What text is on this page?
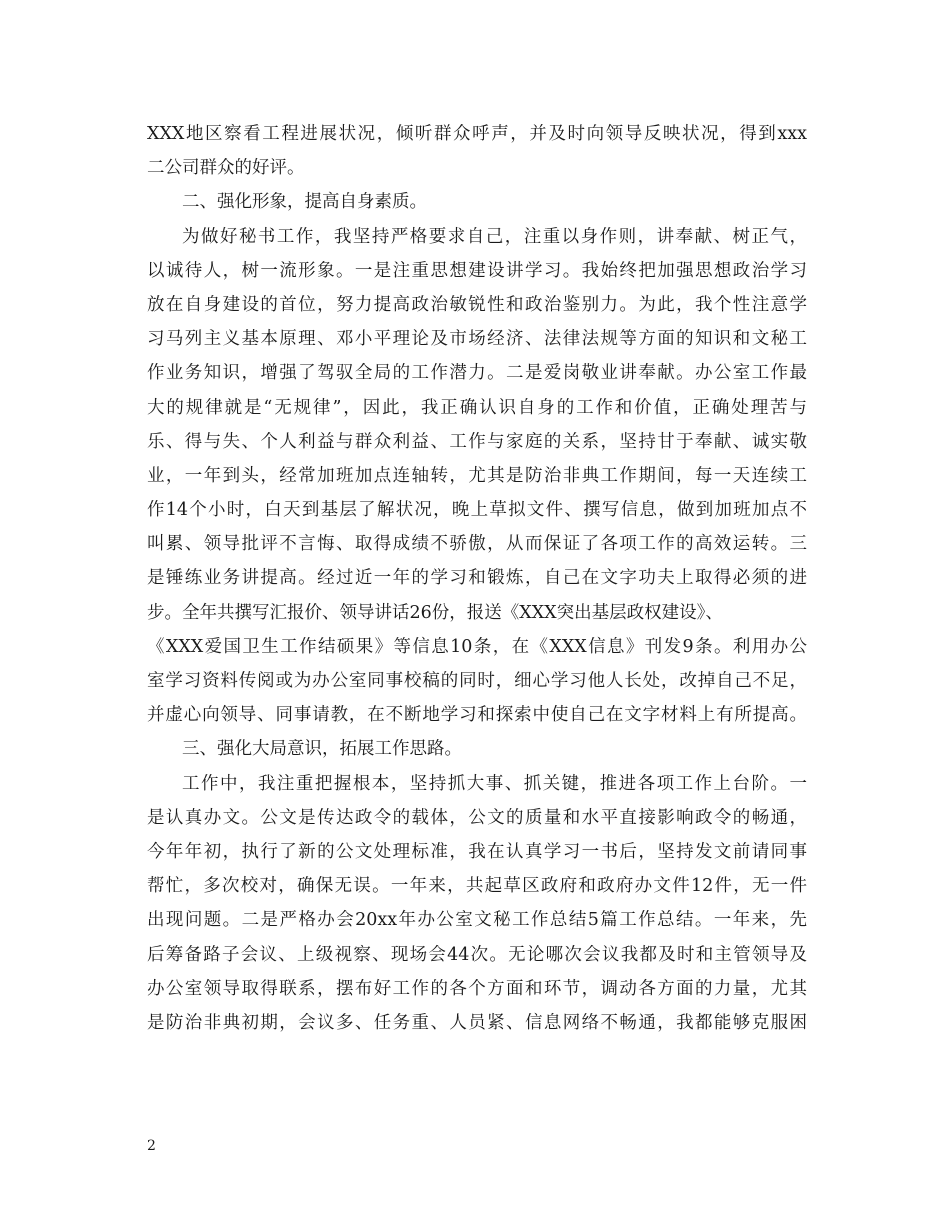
XXX地区察看工程进展状况，倾听群众呼声，并及时向领导反映状况，得到xxx
二公司群众的好评。
二、强化形象，提高自身素质。
为做好秘书工作，我坚持严格要求自己，注重以身作则，讲奉献、树正气，
以诚待人，树一流形象。一是注重思想建设讲学习。我始终把加强思想政治学习
放在自身建设的首位，努力提高政治敏锐性和政治鉴别力。为此，我个性注意学
习马列主义基本原理、邓小平理论及市场经济、法律法规等方面的知识和文秘工
作业务知识，增强了驾驭全局的工作潜力。二是爱岗敬业讲奉献。办公室工作最
大的规律就是“无规律”，因此，我正确认识自身的工作和价值，正确处理苦与
乐、得与失、个人利益与群众利益、工作与家庭的关系，坚持甘于奉献、诚实敬
业，一年到头，经常加班加点连轴转，尤其是防治非典工作期间，每一天连续工
作14个小时，白天到基层了解状况，晚上草拟文件、撰写信息，做到加班加点不
叫累、领导批评不言悔、取得成绩不骄傲，从而保证了各项工作的高效运转。三
是锤练业务讲提高。经过近一年的学习和锻炼，自己在文字功夫上取得必须的进
步。全年共撰写汇报价、领导讲话26份，报送《XXX突出基层政权建设》、
《XXX爱国卫生工作结硕果》等信息10条，在《XXX信息》刊发9条。利用办公
室学习资料传阅或为办公室同事校稿的同时，细心学习他人长处，改掉自己不足，
并虚心向领导、同事请教，在不断地学习和探索中使自己在文字材料上有所提高。
三、强化大局意识，拓展工作思路。
工作中，我注重把握根本，坚持抓大事、抓关键，推进各项工作上台阶。一
是认真办文。公文是传达政令的载体，公文的质量和水平直接影响政令的畅通，
今年年初，执行了新的公文处理标准，我在认真学习一书后，坚持发文前请同事
帮忙，多次校对，确保无误。一年来，共起草区政府和政府办文件12件，无一件
出现问题。二是严格办会20xx年办公室文秘工作总结5篇工作总结。一年来，先
后筹备路子会议、上级视察、现场会44次。无论哪次会议我都及时和主管领导及
办公室领导取得联系，摆布好工作的各个方面和环节，调动各方面的力量，尤其
是防治非典初期，会议多、任务重、人员紧、信息网络不畅通，我都能够克服困
2
